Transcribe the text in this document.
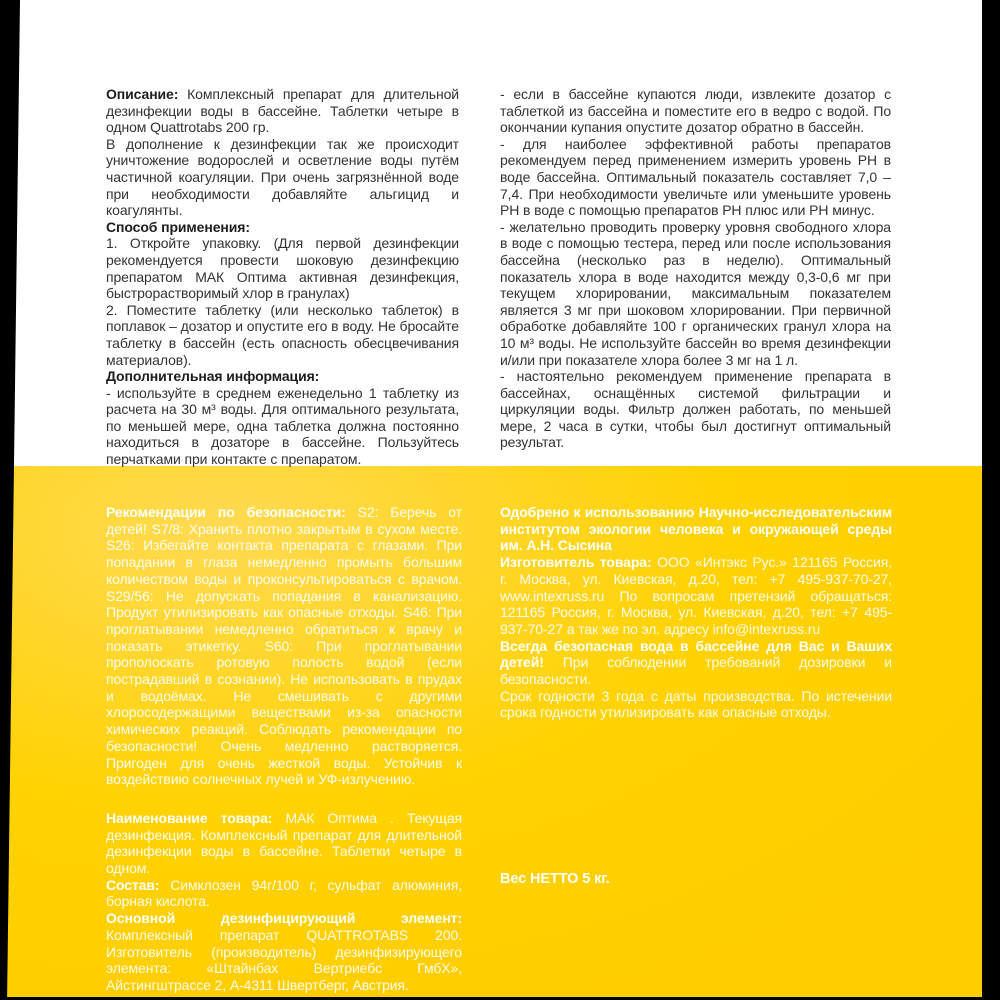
Описание: Комплексный препарат для длительной дезинфекции воды в бассейне. Таблетки четыре в одном Quattrotabs 200 гр.

В дополнение к дезинфекции так же происходит уничтожение водорослей и осветление воды путём частичной коагуляции. При очень загрязнённой воде при необходимости добавляйте альгицид и коагулянты.

Способ применения:

1. Откройте упаковку. (Для первой дезинфекции рекомендуется провести шоковую дезинфекцию препаратом МАК Оптима активная дезинфекция, быстрорастворимый хлор в гранулах)

2. Поместите таблетку (или несколько таблеток) в поплавок – дозатор и опустите его в воду. Не бросайте таблетку в бассейн (есть опасность обесцвечивания материалов).

Дополнительная информация:

- используйте в среднем еженедельно 1 таблетку из расчета на 30 м³ воды. Для оптимального результата, по меньшей мере, одна таблетка должна постоянно находиться в дозаторе в бассейне. Пользуйтесь перчатками при контакте с препаратом.

- если в бассейне купаются люди, извлеките дозатор с таблеткой из бассейна и поместите его в ведро с водой. По окончании купания опустите дозатор обратно в бассейн.

- для наиболее эффективной работы препаратов рекомендуем перед применением измерить уровень PH в воде бассейна. Оптимальный показатель составляет 7,0 – 7,4. При необходимости увеличьте или уменьшите уровень PH в воде с помощью препаратов PH плюс или PH минус.

- желательно проводить проверку уровня свободного хлора в воде с помощью тестера, перед или после использования бассейна (несколько раз в неделю). Оптимальный показатель хлора в воде находится между 0,3-0,6 мг при текущем хлорировании, максимальным показателем является 3 мг при шоковом хлорировании. При первичной обработке добавляйте 100 г органических гранул хлора на 10 м³ воды. Не используйте бассейн во время дезинфекции и/или при показателе хлора более 3 мг на 1 л.

- настоятельно рекомендуем применение препарата в бассейнах, оснащённых системой фильтрации и циркуляции воды. Фильтр должен работать, по меньшей мере, 2 часа в сутки, чтобы был достигнут оптимальный результат.

Рекомендации по безопасности: S2: Беречь от детей! S7/8: Хранить плотно закрытым в сухом месте. S26: Избегайте контакта препарата с глазами. При попадании в глаза немедленно промыть большим количеством воды и проконсультироваться с врачом. S29/56: Не допускать попадания в канализацию. Продукт утилизировать как опасные отходы. S46: При проглатывании немедленно обратиться к врачу и показать этикетку. S60: При проглатывании прополоскать ротовую полость водой (если пострадавший в сознании). Не использовать в прудах и водоёмах. Не смешивать с другими хлоросодержащими веществами из-за опасности химических реакций. Соблюдать рекомендации по безопасности! Очень медленно растворяется. Пригоден для очень жесткой воды. Устойчив к воздействию солнечных лучей и УФ-излучению.

Наименование товара: МАК Оптима . Текущая дезинфекция. Комплексный препарат для длительной дезинфекции воды в бассейне. Таблетки четыре в одном.

Состав: Симклозен 94г/100 г, сульфат алюминия, борная кислота.

Основной дезинфицирующий элемент: Комплексный препарат QUATTROTABS 200. Изготовитель (производитель) дезинфизирующего элемента: «Штайнбах Вертриебс ГмбХ», Айстингштрассе 2, А-4311 Швертберг, Австрия.

Одобрено к использованию Научно-исследовательским институтом экологии человека и окружающей среды им. А.Н. Сысина

Изготовитель товара: ООО «Интэкс Рус.» 121165 Россия, г. Москва, ул. Киевская, д.20, тел: +7 495-937-70-27, www.intexruss.ru По вопросам претензий обращаться: 121165 Россия, г. Москва, ул. Киевская, д.20, тел: +7 495-937-70-27 а так же по эл. адресу info@intexruss.ru

Всегда безопасная вода в бассейне для Вас и Ваших детей! При соблюдении требований дозировки и безопасности.

Срок годности 3 года с даты производства. По истечении срока годности утилизировать как опасные отходы.

Вес НЕТТО 5 кг.
